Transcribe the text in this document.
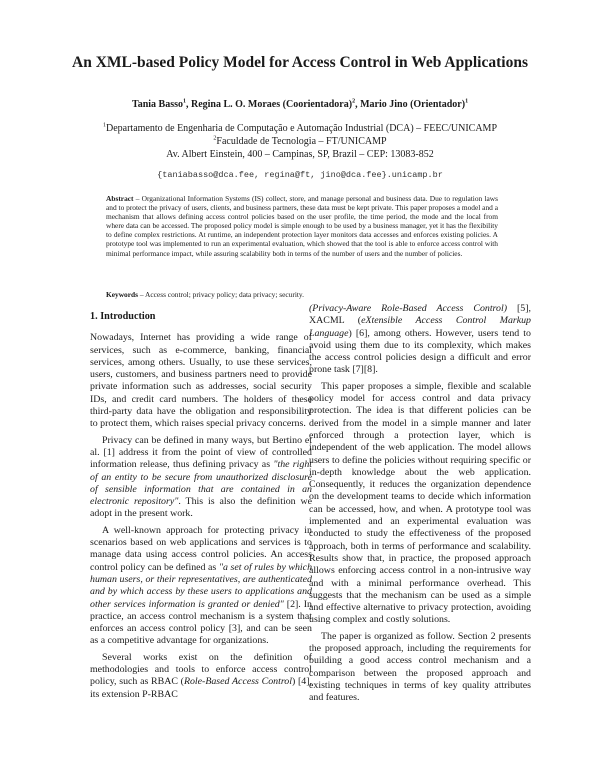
An XML-based Policy Model for Access Control in Web Applications
Tania Basso$^1$, Regina L. O. Moraes (Coorientadora)$^2$, Mario Jino (Orientador)$^1$
$^1$Departamento de Engenharia de Computação e Automação Industrial (DCA) – FEEC/UNICAMP
$^2$Faculdade de Tecnologia – FT/UNICAMP
Av. Albert Einstein, 400 – Campinas, SP, Brazil – CEP: 13083-852
{taniabasso@dca.fee, regina@ft, jino@dca.fee}.unicamp.br
Abstract – Organizational Information Systems (IS) collect, store, and manage personal and business data. Due to regulation laws and to protect the privacy of users, clients, and business partners, these data must be kept private. This paper proposes a model and a mechanism that allows defining access control policies based on the user profile, the time period, the mode and the local from where data can be accessed. The proposed policy model is simple enough to be used by a business manager, yet it has the flexibility to define complex restrictions. At runtime, an independent protection layer monitors data accesses and enforces existing policies. A prototype tool was implemented to run an experimental evaluation, which showed that the tool is able to enforce access control with minimal performance impact, while assuring scalability both in terms of the number of users and the number of policies.
Keywords – Access control; privacy policy; data privacy; security.
1. Introduction

Nowadays, Internet has providing a wide range of services, such as e-commerce, banking, financial services, among others. Usually, to use these services, users, customers, and business partners need to provide private information such as addresses, social security IDs, and credit card numbers. The holders of these third-party data have the obligation and responsibility to protect them, which raises special privacy concerns.

Privacy can be defined in many ways, but Bertino et al. [1] address it from the point of view of controlled information release, thus defining privacy as "the right of an entity to be secure from unauthorized disclosure of sensible information that are contained in an electronic repository". This is also the definition we adopt in the present work.

A well-known approach for protecting privacy in scenarios based on web applications and services is to manage data using access control policies. An access control policy can be defined as "a set of rules by which human users, or their representatives, are authenticated and by which access by these users to applications and other services information is granted or denied" [2]. In practice, an access control mechanism is a system that enforces an access control policy [3], and can be seen as a competitive advantage for organizations.

Several works exist on the definition of methodologies and tools to enforce access control policy, such as RBAC (Role-Based Access Control) [4], its extension P-RBAC

(Privacy-Aware Role-Based Access Control) [5], XACML (eXtensible Access Control Markup Language) [6], among others. However, users tend to avoid using them due to its complexity, which makes the access control policies design a difficult and error prone task [7][8].

This paper proposes a simple, flexible and scalable policy model for access control and data privacy protection. The idea is that different policies can be derived from the model in a simple manner and later enforced through a protection layer, which is independent of the web application. The model allows users to define the policies without requiring specific or in-depth knowledge about the web application. Consequently, it reduces the organization dependence on the development teams to decide which information can be accessed, how, and when. A prototype tool was implemented and an experimental evaluation was conducted to study the effectiveness of the proposed approach, both in terms of performance and scalability. Results show that, in practice, the proposed approach allows enforcing access control in a non-intrusive way and with a minimal performance overhead. This suggests that the mechanism can be used as a simple and effective alternative to privacy protection, avoiding using complex and costly solutions.

The paper is organized as follow. Section 2 presents the proposed approach, including the requirements for building a good access control mechanism and a comparison between the proposed approach and existing techniques in terms of key quality attributes and features.
